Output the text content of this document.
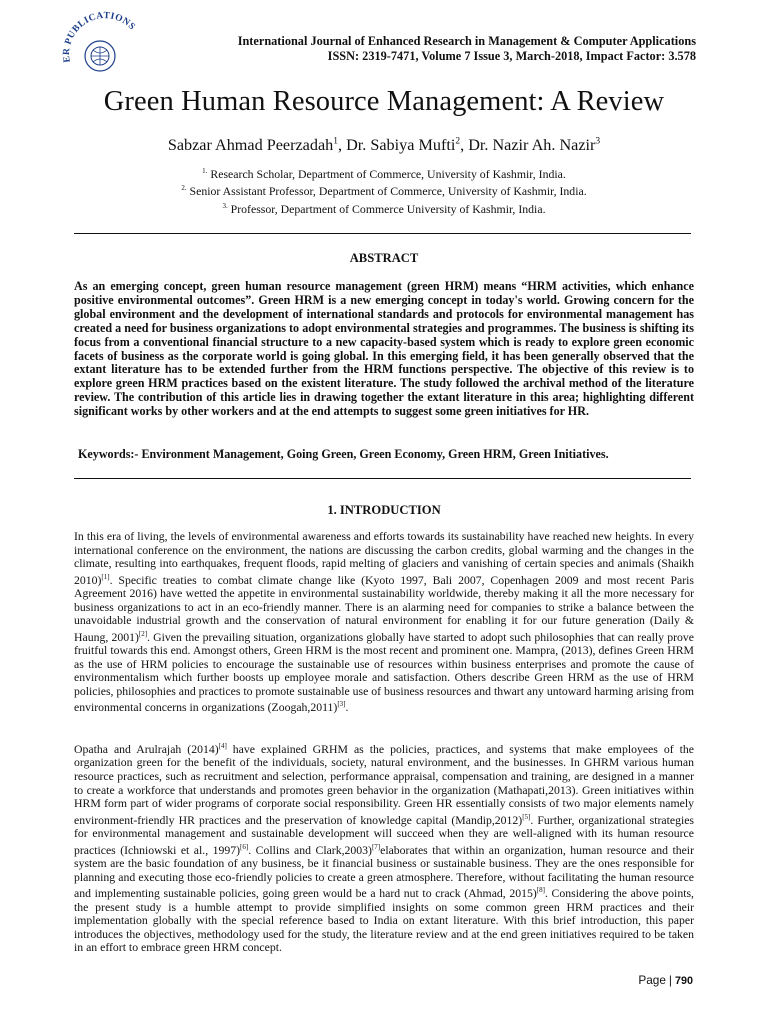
ER PUBLICATIONS
International Journal of Enhanced Research in Management & Computer Applications
ISSN: 2319-7471, Volume 7 Issue 3, March-2018, Impact Factor: 3.578
Green Human Resource Management: A Review
Sabzar Ahmad Peerzadah$^1$, Dr. Sabiya Mufti$^2$, Dr. Nazir Ah. Nazir$^3$
$^{1.}$ Research Scholar, Department of Commerce, University of Kashmir, India.
$^{2.}$ Senior Assistant Professor, Department of Commerce, University of Kashmir, India.
$^{3.}$ Professor, Department of Commerce University of Kashmir, India.
ABSTRACT

As an emerging concept, green human resource management (green HRM) means “HRM activities, which enhance positive environmental outcomes”. Green HRM is a new emerging concept in today's world. Growing concern for the global environment and the development of international standards and protocols for environmental management has created a need for business organizations to adopt environmental strategies and programmes. The business is shifting its focus from a conventional financial structure to a new capacity-based system which is ready to explore green economic facets of business as the corporate world is going global. In this emerging field, it has been generally observed that the extant literature has to be extended further from the HRM functions perspective. The objective of this review is to explore green HRM practices based on the existent literature. The study followed the archival method of the literature review. The contribution of this article lies in drawing together the extant literature in this area; highlighting different significant works by other workers and at the end attempts to suggest some green initiatives for HR.

Keywords:- Environment Management, Going Green, Green Economy, Green HRM, Green Initiatives.

1. INTRODUCTION

In this era of living, the levels of environmental awareness and efforts towards its sustainability have reached new heights. In every international conference on the environment, the nations are discussing the carbon credits, global warming and the changes in the climate, resulting into earthquakes, frequent floods, rapid melting of glaciers and vanishing of certain species and animals (Shaikh 2010)[1]. Specific treaties to combat climate change like (Kyoto 1997, Bali 2007, Copenhagen 2009 and most recent Paris Agreement 2016) have wetted the appetite in environmental sustainability worldwide, thereby making it all the more necessary for business organizations to act in an eco-friendly manner. There is an alarming need for companies to strike a balance between the unavoidable industrial growth and the conservation of natural environment for enabling it for our future generation (Daily & Haung, 2001)[2]. Given the prevailing situation, organizations globally have started to adopt such philosophies that can really prove fruitful towards this end. Amongst others, Green HRM is the most recent and prominent one. Mampra, (2013), defines Green HRM as the use of HRM policies to encourage the sustainable use of resources within business enterprises and promote the cause of environmentalism which further boosts up employee morale and satisfaction. Others describe Green HRM as the use of HRM policies, philosophies and practices to promote sustainable use of business resources and thwart any untoward harming arising from environmental concerns in organizations (Zoogah,2011)[3].

Opatha and Arulrajah (2014)[4] have explained GRHM as the policies, practices, and systems that make employees of the organization green for the benefit of the individuals, society, natural environment, and the businesses. In GHRM various human resource practices, such as recruitment and selection, performance appraisal, compensation and training, are designed in a manner to create a workforce that understands and promotes green behavior in the organization (Mathapati,2013). Green initiatives within HRM form part of wider programs of corporate social responsibility. Green HR essentially consists of two major elements namely environment-friendly HR practices and the preservation of knowledge capital (Mandip,2012)[5]. Further, organizational strategies for environmental management and sustainable development will succeed when they are well-aligned with its human resource practices (Ichniowski et al., 1997)[6]. Collins and Clark,2003)[7]elaborates that within an organization, human resource and their system are the basic foundation of any business, be it financial business or sustainable business. They are the ones responsible for planning and executing those eco-friendly policies to create a green atmosphere. Therefore, without facilitating the human resource and implementing sustainable policies, going green would be a hard nut to crack (Ahmad, 2015)[8]. Considering the above points, the present study is a humble attempt to provide simplified insights on some common green HRM practices and their implementation globally with the special reference based to India on extant literature. With this brief introduction, this paper introduces the objectives, methodology used for the study, the literature review and at the end green initiatives required to be taken in an effort to embrace green HRM concept.

Page | 790
